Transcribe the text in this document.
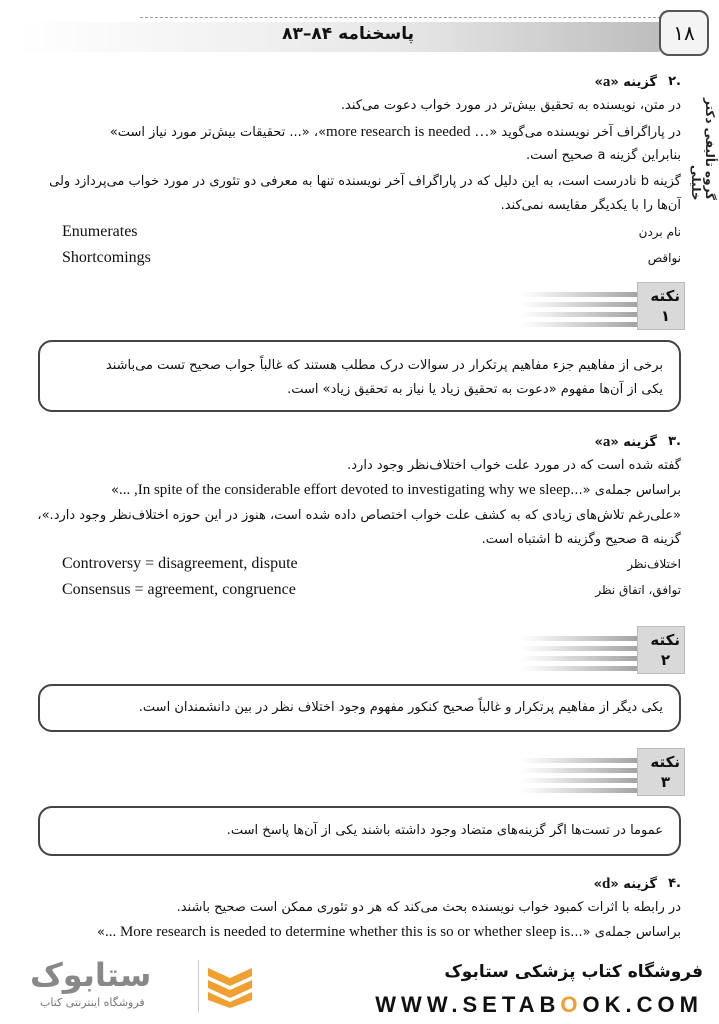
پاسخنامه ۸۴–۸۳	۱۸
گروه تألیفی دکتر خلیلی
.۲
گزینه «a»
در متن، نویسنده به تحقیق بیش‌تر در مورد خواب دعوت می‌کند.
در پاراگراف آخر نویسنده می‌گوید «… more research is needed»، «... تحقیقات بیش‌تر مورد نیاز است»
بنابراین گزینه a صحیح است.
گزینه b نادرست است، به این دلیل که در پاراگراف آخر نویسنده تنها به معرفی دو تئوری در مورد خواب می‌پردازد ولی
آن‌ها را با یکدیگر مقایسه نمی‌کند.
Enumerates	نام بردن
Shortcomings	نواقص
نکته
۱
برخی از مفاهیم جزء مفاهیم پرتکرار در سوالات درک مطلب هستند که غالباً جواب صحیح تست می‌باشند
یکی از آن‌ها مفهوم «دعوت به تحقیق زیاد یا نیاز به تحقیق زیاد» است.
.۳
گزینه «a»
گفته شده است که در مورد علت خواب اختلاف‌نظر وجود دارد.
براساس جمله‌ی «...In spite of the considerable effort devoted to investigating why we sleep, ...»
«علی‌رغم تلاش‌های زیادی که به کشف علت خواب اختصاص داده شده است، هنوز در این حوزه اختلاف‌نظر وجود دارد.»،
گزینه a صحیح وگزینه b اشتباه است.
Controversy = disagreement, dispute	اختلاف‌نظر
Consensus = agreement, congruence	توافق، اتفاق نظر
نکته
۲
یکی دیگر از مفاهیم پرتکرار و غالباً صحیح کنکور مفهوم وجود اختلاف نظر در بین دانشمندان است.
نکته
۳
عموما در تست‌ها اگر گزینه‌های متضاد وجود داشته باشند یکی از آن‌ها پاسخ است.
.۴
گزینه «d»
در رابطه با اثرات کمبود خواب نویسنده بحث می‌کند که هر دو تئوری ممکن است صحیح باشند.
براساس جمله‌ی «...More research is needed to determine whether this is so or whether sleep is ...»
فروشگاه کتاب پزشکی ستابوک
WWW.SETABOOK.COM
ستابوک
فروشگاه اینترنتی کتاب
